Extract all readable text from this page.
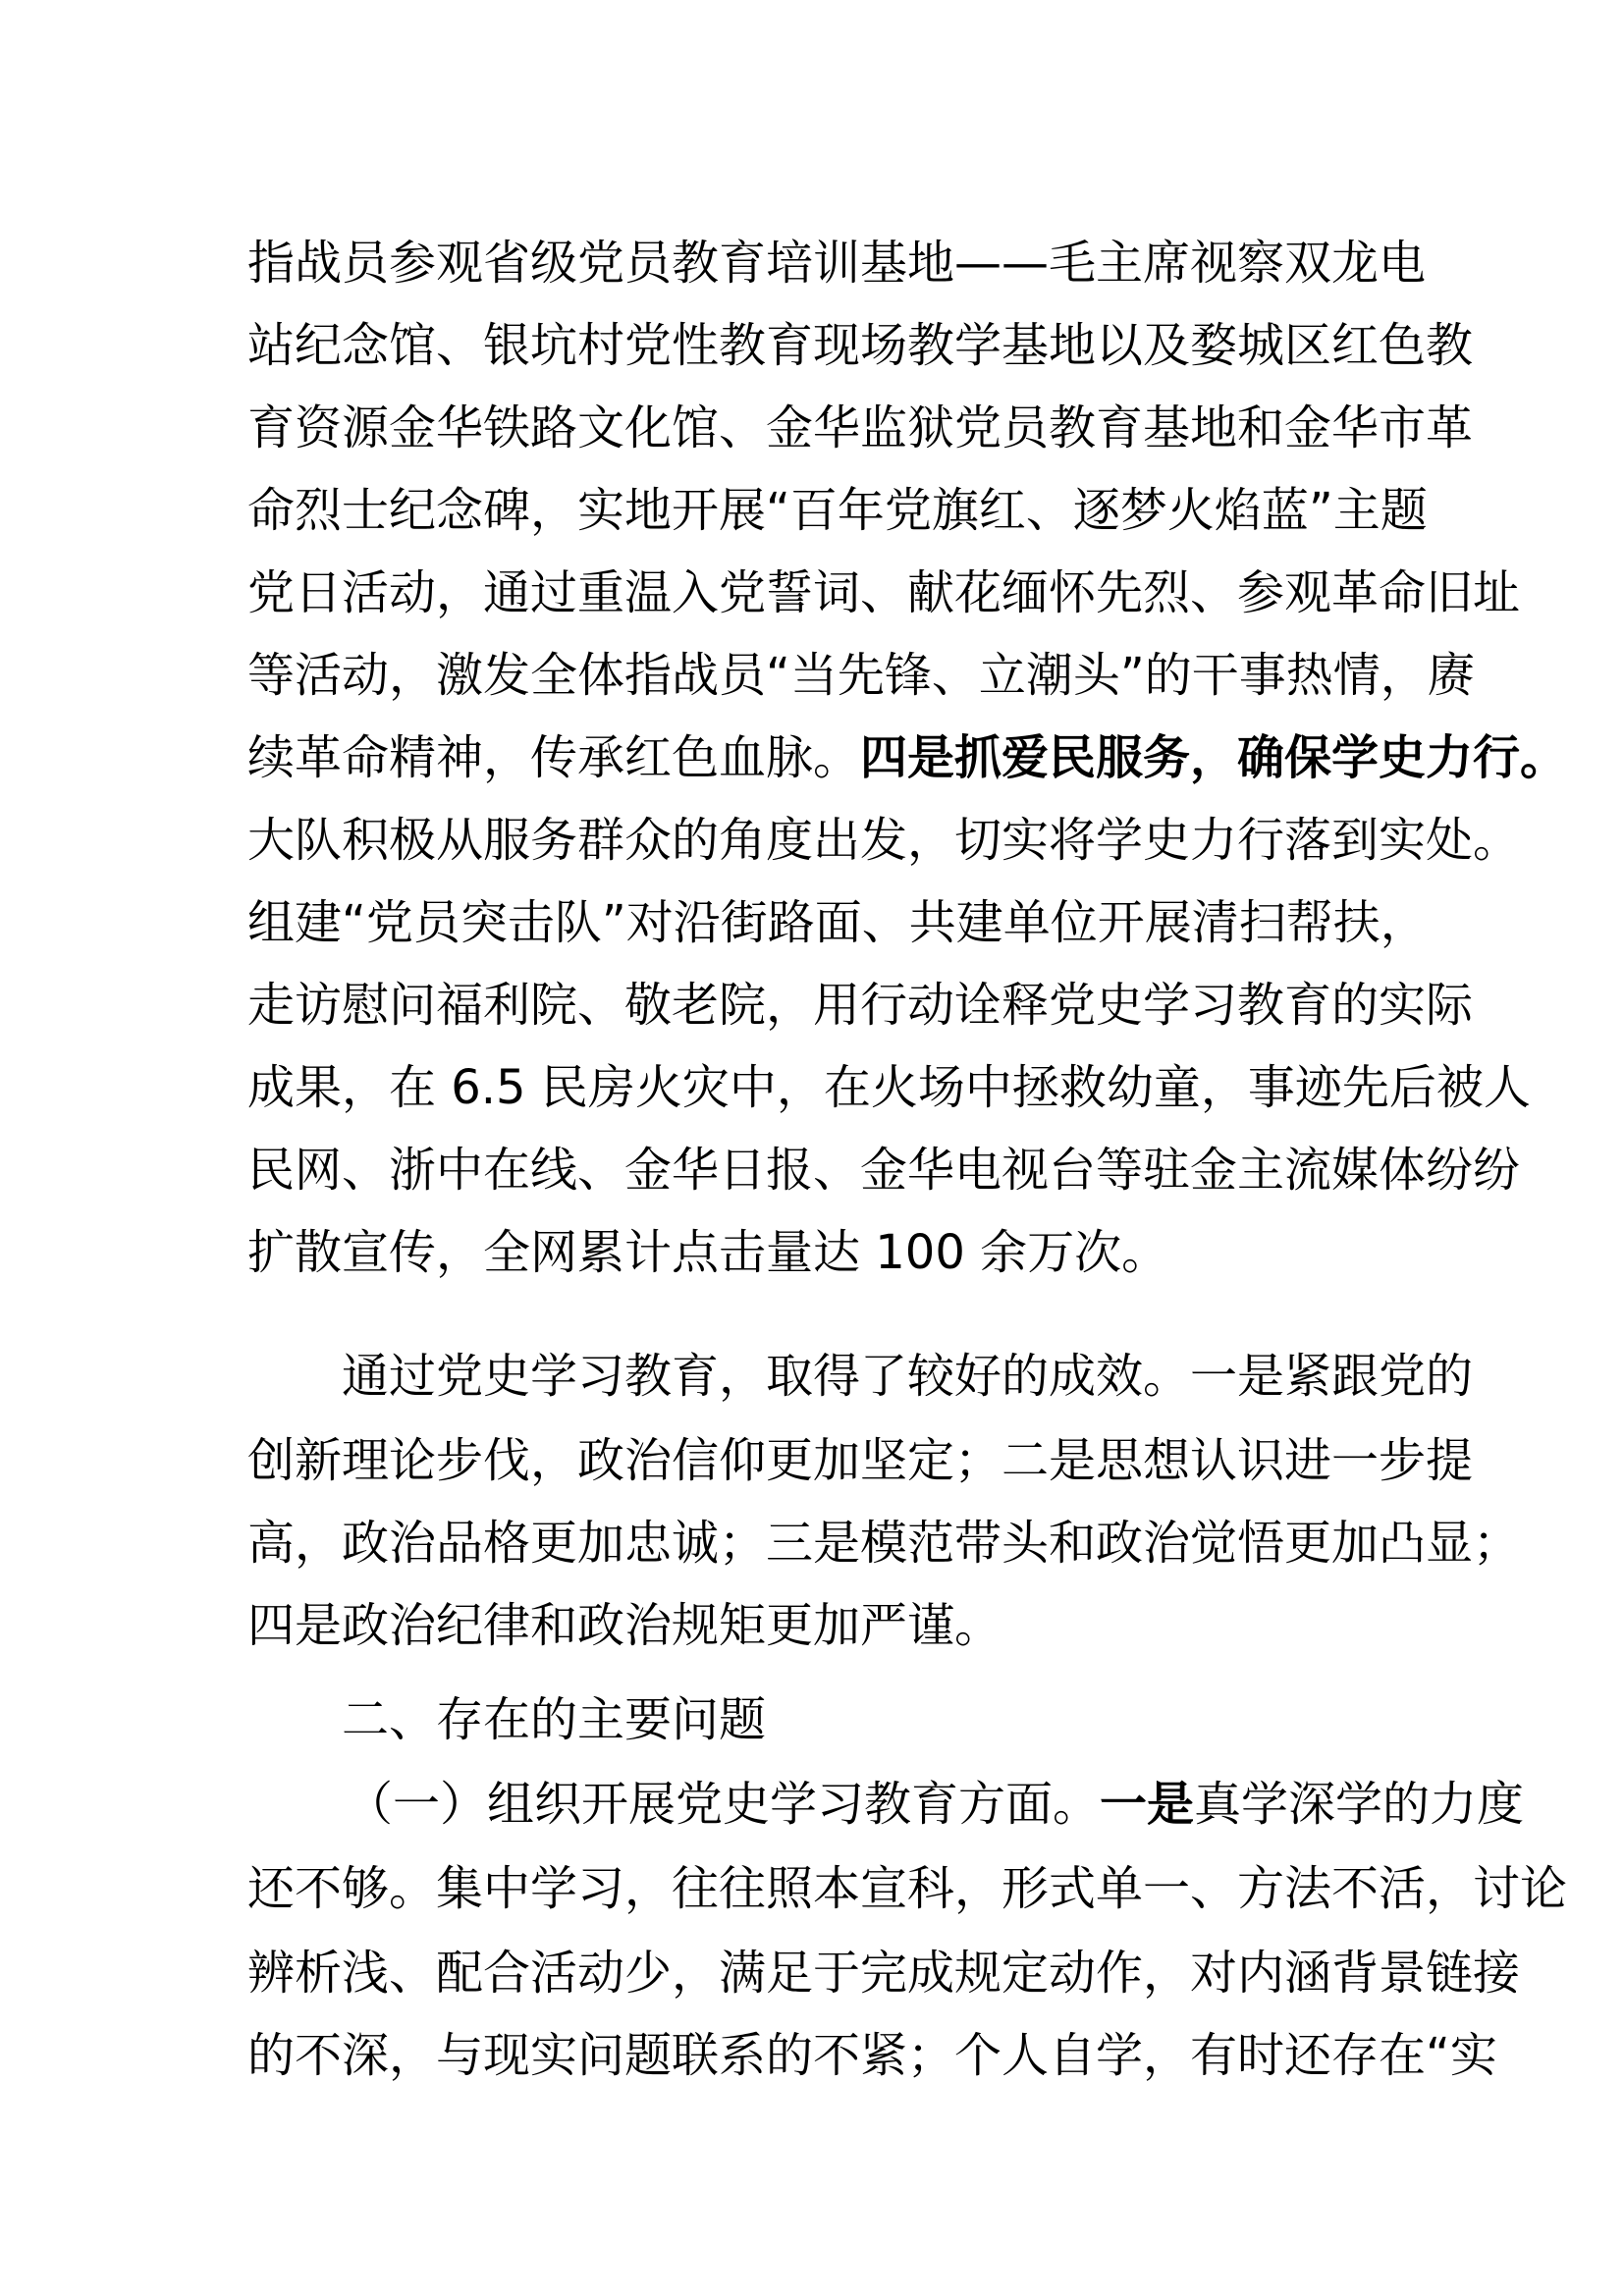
指战员参观省级党员教育培训基地——毛主席视察双龙电
站纪念馆、银坑村党性教育现场教学基地以及婺城区红色教
育资源金华铁路文化馆、金华监狱党员教育基地和金华市革
命烈士纪念碑，实地开展“百年党旗红、逐梦火焰蓝”主题
党日活动，通过重温入党誓词、献花缅怀先烈、参观革命旧址
等活动，激发全体指战员“当先锋、立潮头”的干事热情，赓
续革命精神，传承红色血脉。四是抓爱民服务，确保学史力行。
大队积极从服务群众的角度出发，切实将学史力行落到实处。
组建“党员突击队”对沿街路面、共建单位开展清扫帮扶，
走访慰问福利院、敬老院，用行动诠释党史学习教育的实际
成果，在 6.5 民房火灾中，在火场中拯救幼童，事迹先后被人
民网、浙中在线、金华日报、金华电视台等驻金主流媒体纷纷
扩散宣传，全网累计点击量达 100 余万次。
通过党史学习教育，取得了较好的成效。一是紧跟党的
创新理论步伐，政治信仰更加坚定；二是思想认识进一步提
高，政治品格更加忠诚；三是模范带头和政治觉悟更加凸显；
四是政治纪律和政治规矩更加严谨。
二、存在的主要问题
（一）组织开展党史学习教育方面。一是真学深学的力度
还不够。集中学习，往往照本宣科，形式单一、方法不活，讨论
辨析浅、配合活动少，满足于完成规定动作，对内涵背景链接
的不深，与现实问题联系的不紧；个人自学，有时还存在“实
